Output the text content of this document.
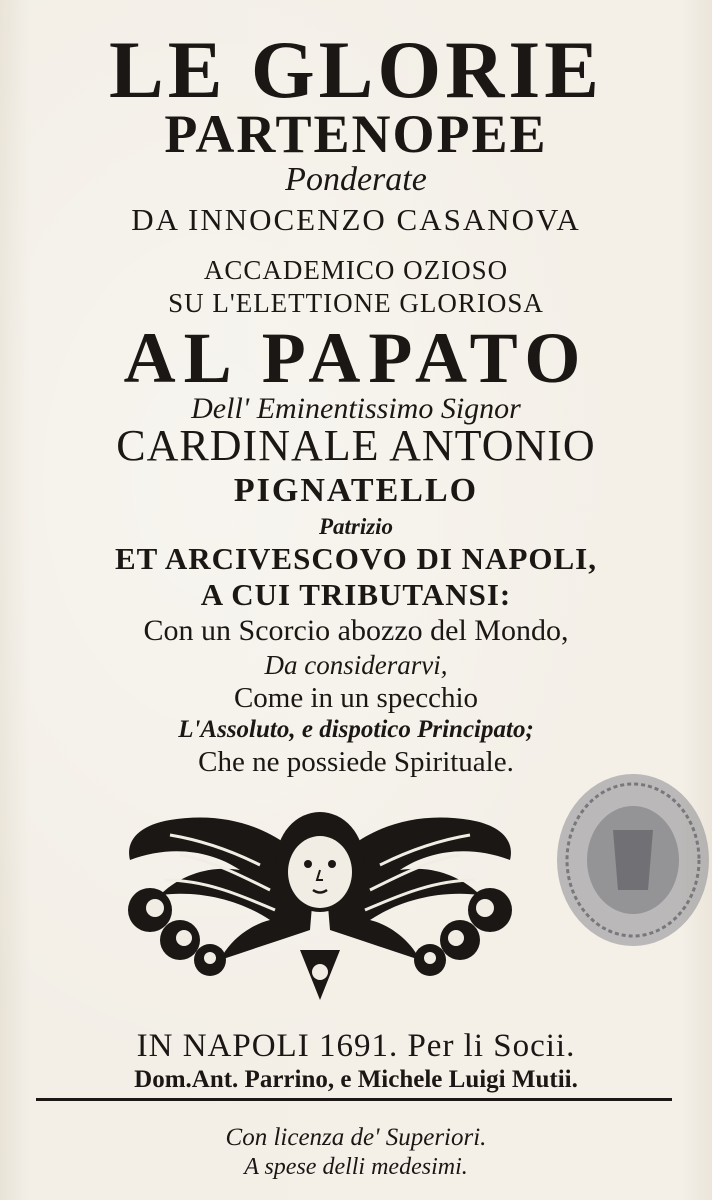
LE GLORIE
PARTENOPEE
Ponderate
DA INNOCENZO CASANOVA
ACCADEMICO OZIOSO
SU L'ELETTIONE GLORIOSA
AL PAPATO
Dell' Eminentissimo Signor
CARDINALE ANTONIO
PIGNATELLO
Patrizio
ET ARCIVESCOVO DI NAPOLI,
A CUI TRIBUTANSI:
Con un Scorcio abozzo del Mondo,
Da considerarvi,
Come in un specchio
L'Assoluto, e dispotico Principato;
Che ne possiede Spirituale.
IN NAPOLI 1691. Per li Socii.
Dom.Ant. Parrino, e Michele Luigi Mutii.
Con licenza de' Superiori.
A spese delli medesimi.
